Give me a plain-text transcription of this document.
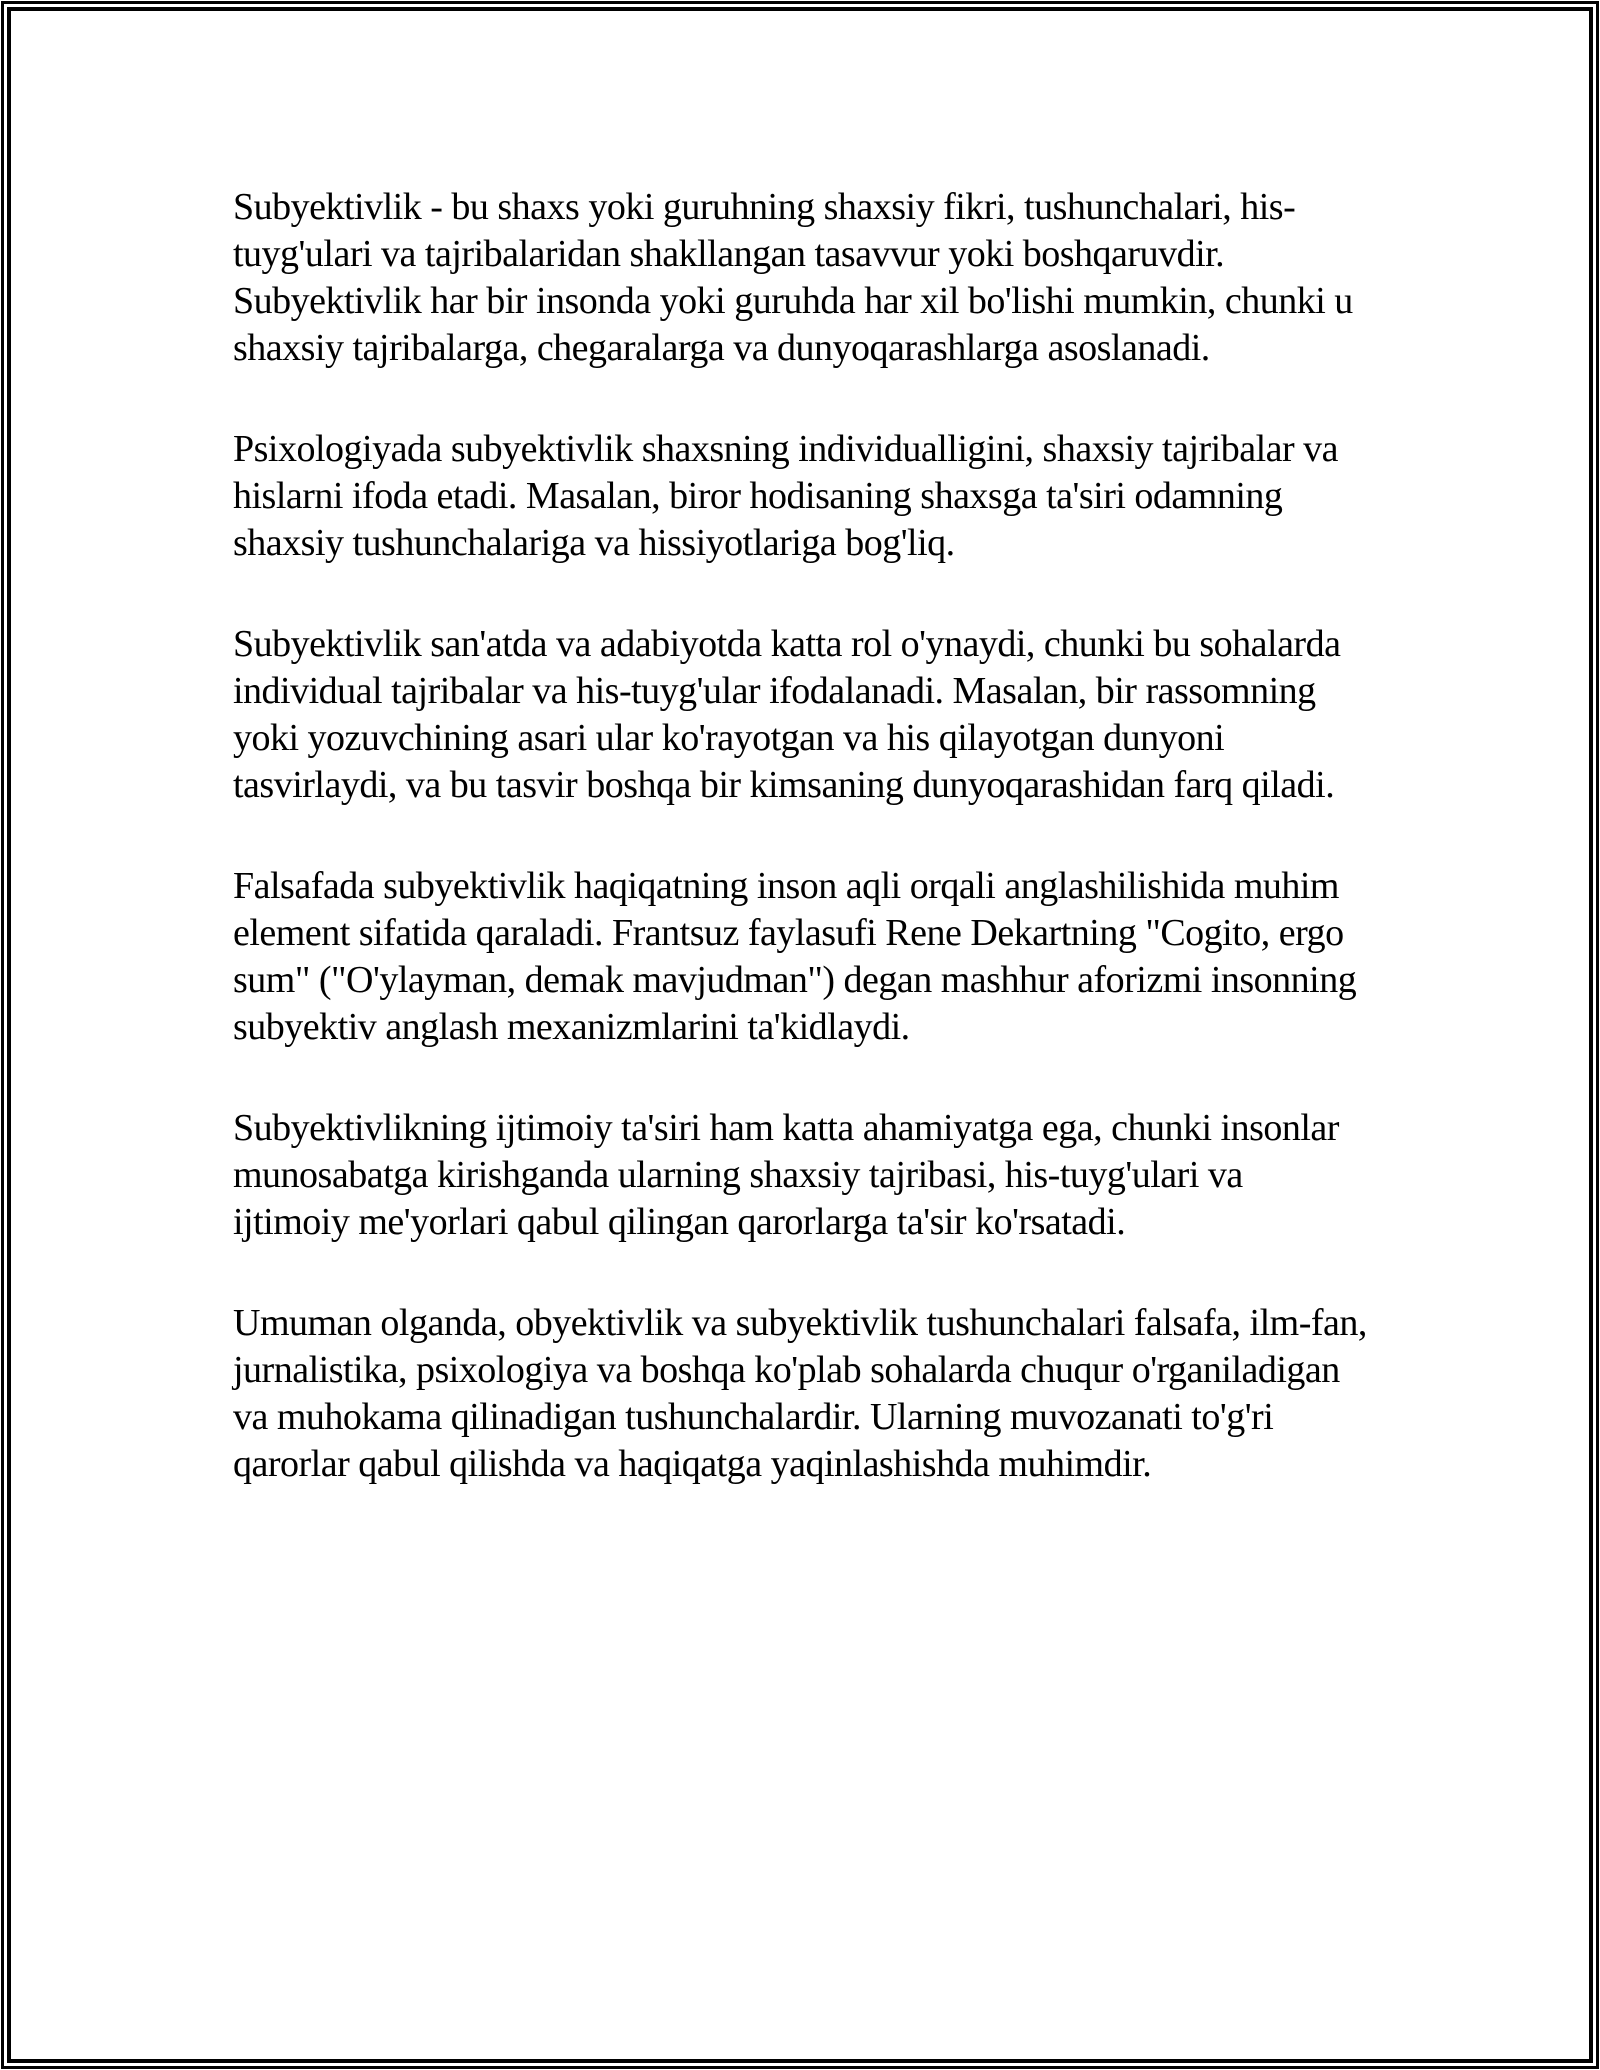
Subyektivlik - bu shaxs yoki guruhning shaxsiy fikri, tushunchalari, his-
tuyg'ulari va tajribalaridan shakllangan tasavvur yoki boshqaruvdir.
Subyektivlik har bir insonda yoki guruhda har xil bo'lishi mumkin, chunki u
shaxsiy tajribalarga, chegaralarga va dunyoqarashlarga asoslanadi.
Psixologiyada subyektivlik shaxsning individualligini, shaxsiy tajribalar va
hislarni ifoda etadi. Masalan, biror hodisaning shaxsga ta'siri odamning
shaxsiy tushunchalariga va hissiyotlariga bog'liq.
Subyektivlik san'atda va adabiyotda katta rol o'ynaydi, chunki bu sohalarda
individual tajribalar va his-tuyg'ular ifodalanadi. Masalan, bir rassomning
yoki yozuvchining asari ular ko'rayotgan va his qilayotgan dunyoni
tasvirlaydi, va bu tasvir boshqa bir kimsaning dunyoqarashidan farq qiladi.
Falsafada subyektivlik haqiqatning inson aqli orqali anglashilishida muhim
element sifatida qaraladi. Frantsuz faylasufi Rene Dekartning "Cogito, ergo
sum" ("O'ylayman, demak mavjudman") degan mashhur aforizmi insonning
subyektiv anglash mexanizmlarini ta'kidlaydi.
Subyektivlikning ijtimoiy ta'siri ham katta ahamiyatga ega, chunki insonlar
munosabatga kirishganda ularning shaxsiy tajribasi, his-tuyg'ulari va
ijtimoiy me'yorlari qabul qilingan qarorlarga ta'sir ko'rsatadi.
Umuman olganda, obyektivlik va subyektivlik tushunchalari falsafa, ilm-fan,
jurnalistika, psixologiya va boshqa ko'plab sohalarda chuqur o'rganiladigan
va muhokama qilinadigan tushunchalardir. Ularning muvozanati to'g'ri
qarorlar qabul qilishda va haqiqatga yaqinlashishda muhimdir.
